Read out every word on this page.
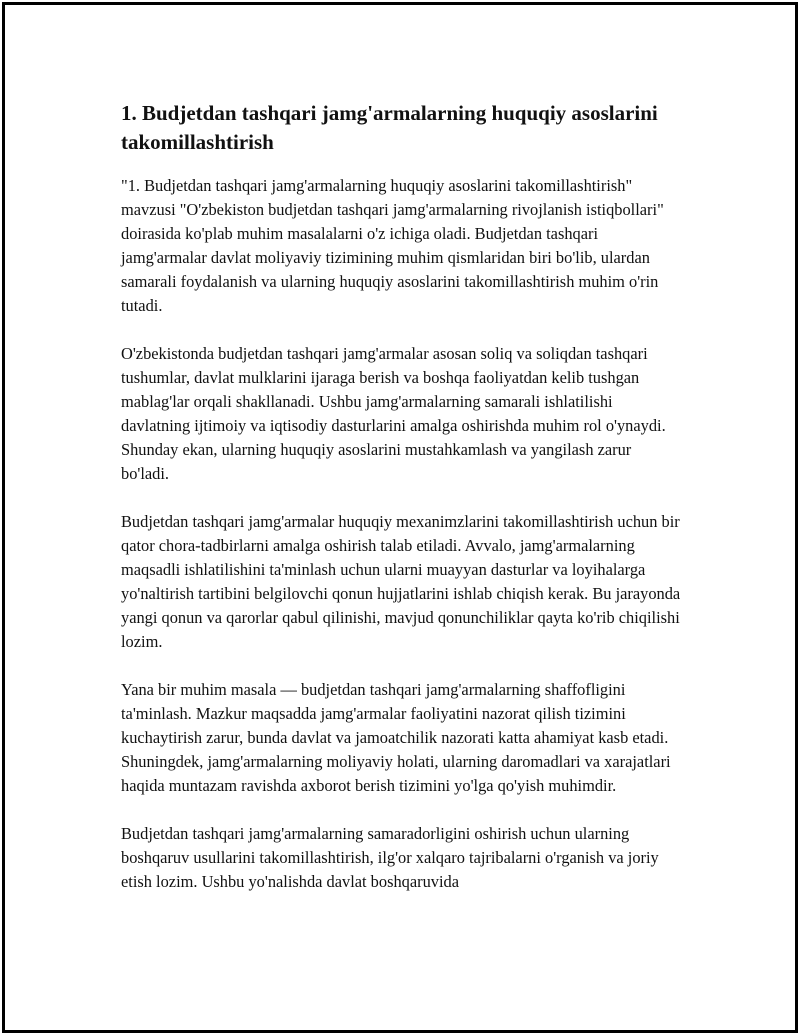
1. Budjetdan tashqari jamg'armalarning huquqiy asoslarini takomillashtirish

"1. Budjetdan tashqari jamg'armalarning huquqiy asoslarini takomillashtirish" mavzusi "O'zbekiston budjetdan tashqari jamg'armalarning rivojlanish istiqbollari" doirasida ko'plab muhim masalalarni o'z ichiga oladi. Budjetdan tashqari jamg'armalar davlat moliyaviy tizimining muhim qismlaridan biri bo'lib, ulardan samarali foydalanish va ularning huquqiy asoslarini takomillashtirish muhim o'rin tutadi.

O'zbekistonda budjetdan tashqari jamg'armalar asosan soliq va soliqdan tashqari tushumlar, davlat mulklarini ijaraga berish va boshqa faoliyatdan kelib tushgan mablag'lar orqali shakllanadi. Ushbu jamg'armalarning samarali ishlatilishi davlatning ijtimoiy va iqtisodiy dasturlarini amalga oshirishda muhim rol o'ynaydi. Shunday ekan, ularning huquqiy asoslarini mustahkamlash va yangilash zarur bo'ladi.

Budjetdan tashqari jamg'armalar huquqiy mexanimzlarini takomillashtirish uchun bir qator chora-tadbirlarni amalga oshirish talab etiladi. Avvalo, jamg'armalarning maqsadli ishlatilishini ta'minlash uchun ularni muayyan dasturlar va loyihalarga yo'naltirish tartibini belgilovchi qonun hujjatlarini ishlab chiqish kerak. Bu jarayonda yangi qonun va qarorlar qabul qilinishi, mavjud qonunchiliklar qayta ko'rib chiqilishi lozim.

Yana bir muhim masala — budjetdan tashqari jamg'armalarning shaffofligini ta'minlash. Mazkur maqsadda jamg'armalar faoliyatini nazorat qilish tizimini kuchaytirish zarur, bunda davlat va jamoatchilik nazorati katta ahamiyat kasb etadi. Shuningdek, jamg'armalarning moliyaviy holati, ularning daromadlari va xarajatlari haqida muntazam ravishda axborot berish tizimini yo'lga qo'yish muhimdir.

Budjetdan tashqari jamg'armalarning samaradorligini oshirish uchun ularning boshqaruv usullarini takomillashtirish, ilg'or xalqaro tajribalarni o'rganish va joriy etish lozim. Ushbu yo'nalishda davlat boshqaruvida
